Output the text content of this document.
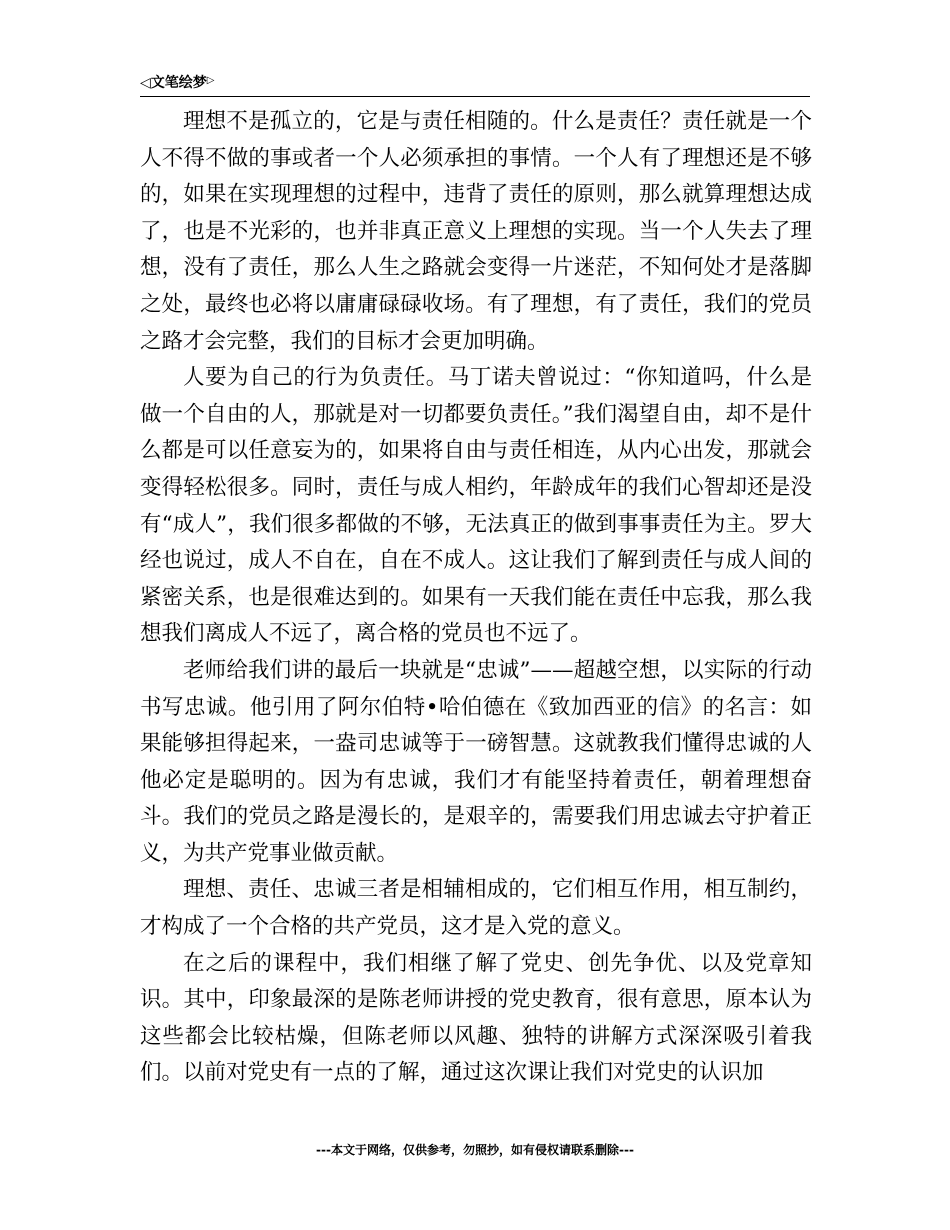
◁文笔绘梦▷

理想不是孤立的，它是与责任相随的。什么是责任？责任就是一个人不得不做的事或者一个人必须承担的事情。一个人有了理想还是不够的，如果在实现理想的过程中，违背了责任的原则，那么就算理想达成了，也是不光彩的，也并非真正意义上理想的实现。当一个人失去了理想，没有了责任，那么人生之路就会变得一片迷茫，不知何处才是落脚之处，最终也必将以庸庸碌碌收场。有了理想，有了责任，我们的党员之路才会完整，我们的目标才会更加明确。

人要为自己的行为负责任。马丁诺夫曾说过：“你知道吗，什么是做一个自由的人，那就是对一切都要负责任。”我们渴望自由，却不是什么都是可以任意妄为的，如果将自由与责任相连，从内心出发，那就会变得轻松很多。同时，责任与成人相约，年龄成年的我们心智却还是没有“成人”，我们很多都做的不够，无法真正的做到事事责任为主。罗大经也说过，成人不自在，自在不成人。这让我们了解到责任与成人间的紧密关系，也是很难达到的。如果有一天我们能在责任中忘我，那么我想我们离成人不远了，离合格的党员也不远了。

老师给我们讲的最后一块就是“忠诚”——超越空想，以实际的行动书写忠诚。他引用了阿尔伯特•哈伯德在《致加西亚的信》的名言：如果能够担得起来，一盎司忠诚等于一磅智慧。这就教我们懂得忠诚的人他必定是聪明的。因为有忠诚，我们才有能坚持着责任，朝着理想奋斗。我们的党员之路是漫长的，是艰辛的，需要我们用忠诚去守护着正义，为共产党事业做贡献。

理想、责任、忠诚三者是相辅相成的，它们相互作用，相互制约，才构成了一个合格的共产党员，这才是入党的意义。

在之后的课程中，我们相继了解了党史、创先争优、以及党章知识。其中，印象最深的是陈老师讲授的党史教育，很有意思，原本认为这些都会比较枯燥，但陈老师以风趣、独特的讲解方式深深吸引着我们。以前对党史有一点的了解，通过这次课让我们对党史的认识加

---本文于网络，仅供参考，勿照抄，如有侵权请联系删除---
